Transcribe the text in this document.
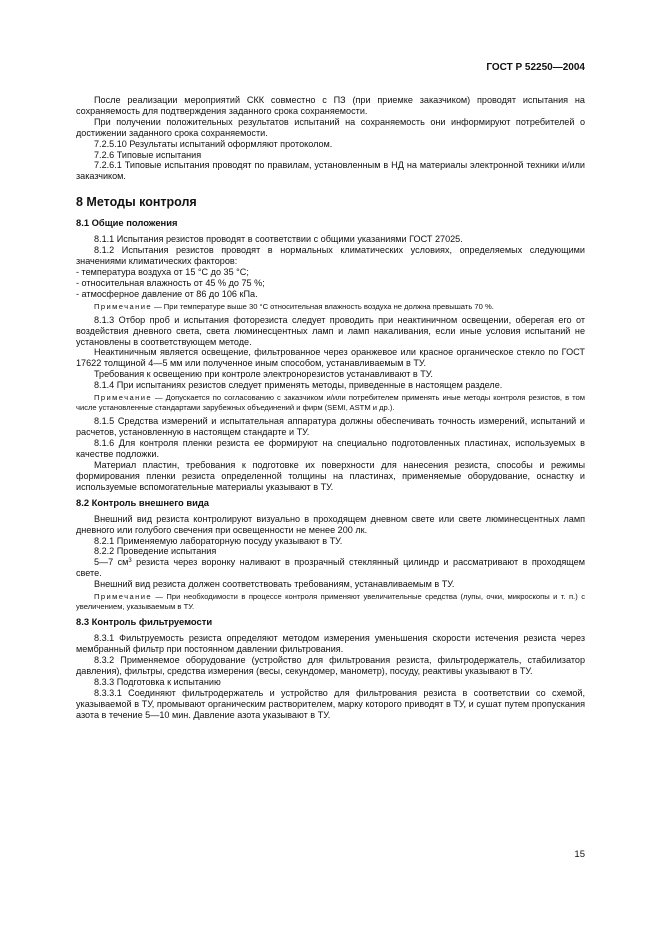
ГОСТ Р 52250—2004

После реализации мероприятий СКК совместно с ПЗ (при приемке заказчиком) проводят испытания на сохраняемость для подтверждения заданного срока сохраняемости.

При получении положительных результатов испытаний на сохраняемость они информируют потребителей о достижении заданного срока сохраняемости.

7.2.5.10 Результаты испытаний оформляют протоколом.

7.2.6 Типовые испытания

7.2.6.1 Типовые испытания проводят по правилам, установленным в НД на материалы электронной техники и/или заказчиком.

8 Методы контроля
8.1 Общие положения

8.1.1 Испытания резистов проводят в соответствии с общими указаниями ГОСТ 27025.

8.1.2 Испытания резистов проводят в нормальных климатических условиях, определяемых следующими значениями климатических факторов:

- температура воздуха от 15 °С до 35 °С;

- относительная влажность от 45 % до 75 %;

- атмосферное давление от 86 до 106 кПа.

Примечание — При температуре выше 30 °С относительная влажность воздуха не должна превышать 70 %.

8.1.3 Отбор проб и испытания фоторезиста следует проводить при неактиничном освещении, оберегая его от воздействия дневного света, света люминесцентных ламп и ламп накаливания, если иные условия испытаний не установлены в соответствующем методе.

Неактиничным является освещение, фильтрованное через оранжевое или красное органическое стекло по ГОСТ 17622 толщиной 4—5 мм или полученное иным способом, устанавливаемым в ТУ.

Требования к освещению при контроле электронорезистов устанавливают в ТУ.

8.1.4 При испытаниях резистов следует применять методы, приведенные в настоящем разделе.

Примечание — Допускается по согласованию с заказчиком и/или потребителем применять иные методы контроля резистов, в том числе установленные стандартами зарубежных объединений и фирм (SEMI, ASTM и др.).

8.1.5 Средства измерений и испытательная аппаратура должны обеспечивать точность измерений, испытаний и расчетов, установленную в настоящем стандарте и ТУ.

8.1.6 Для контроля пленки резиста ее формируют на специально подготовленных пластинах, используемых в качестве подложки.

Материал пластин, требования к подготовке их поверхности для нанесения резиста, способы и режимы формирования пленки резиста определенной толщины на пластинах, применяемые оборудование, оснастку и используемые вспомогательные материалы указывают в ТУ.

8.2 Контроль внешнего вида

Внешний вид резиста контролируют визуально в проходящем дневном свете или свете люминесцентных ламп дневного или голубого свечения при освещенности не менее 200 лк.

8.2.1 Применяемую лабораторную посуду указывают в ТУ.

8.2.2 Проведение испытания

5—7 $см^3$ резиста через воронку наливают в прозрачный стеклянный цилиндр и рассматривают в проходящем свете.

Внешний вид резиста должен соответствовать требованиям, устанавливаемым в ТУ.

Примечание — При необходимости в процессе контроля применяют увеличительные средства (лупы, очки, микроскопы и т. п.) с увеличением, указываемым в ТУ.

8.3 Контроль фильтруемости

8.3.1 Фильтруемость резиста определяют методом измерения уменьшения скорости истечения резиста через мембранный фильтр при постоянном давлении фильтрования.

8.3.2 Применяемое оборудование (устройство для фильтрования резиста, фильтродержатель, стабилизатор давления), фильтры, средства измерения (весы, секундомер, манометр), посуду, реактивы указывают в ТУ.

8.3.3 Подготовка к испытанию

8.3.3.1 Соединяют фильтродержатель и устройство для фильтрования резиста в соответствии со схемой, указываемой в ТУ, промывают органическим растворителем, марку которого приводят в ТУ, и сушат путем пропускания азота в течение 5—10 мин. Давление азота указывают в ТУ.

15
